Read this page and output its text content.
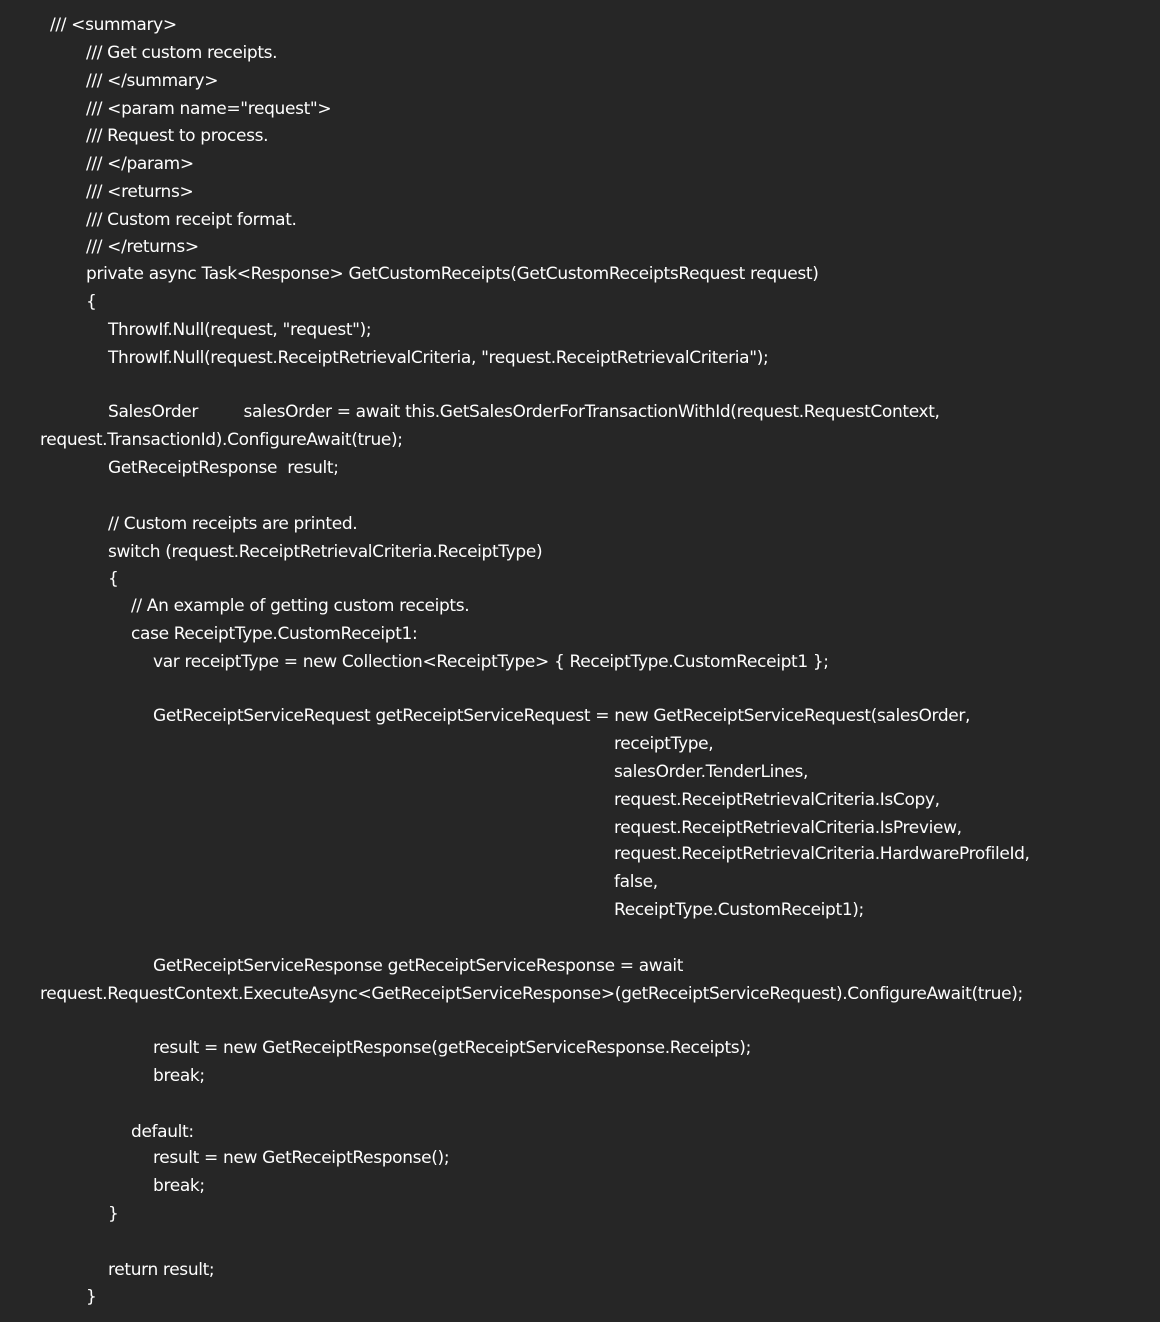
/// <summary>
/// Get custom receipts.
/// </summary>
/// <param name="request">
/// Request to process.
/// </param>
/// <returns>
/// Custom receipt format.
/// </returns>
private async Task<Response> GetCustomReceipts(GetCustomReceiptsRequest request)
{
ThrowIf.Null(request, "request");
ThrowIf.Null(request.ReceiptRetrievalCriteria, "request.ReceiptRetrievalCriteria");
SalesOrder         salesOrder = await this.GetSalesOrderForTransactionWithId(request.RequestContext,
request.TransactionId).ConfigureAwait(true);
GetReceiptResponse  result;
// Custom receipts are printed.
switch (request.ReceiptRetrievalCriteria.ReceiptType)
{
// An example of getting custom receipts.
case ReceiptType.CustomReceipt1:
var receiptType = new Collection<ReceiptType> { ReceiptType.CustomReceipt1 };
GetReceiptServiceRequest getReceiptServiceRequest = new GetReceiptServiceRequest(salesOrder,
receiptType,
salesOrder.TenderLines,
request.ReceiptRetrievalCriteria.IsCopy,
request.ReceiptRetrievalCriteria.IsPreview,
request.ReceiptRetrievalCriteria.HardwareProfileId,
false,
ReceiptType.CustomReceipt1);
GetReceiptServiceResponse getReceiptServiceResponse = await
request.RequestContext.ExecuteAsync<GetReceiptServiceResponse>(getReceiptServiceRequest).ConfigureAwait(true);
result = new GetReceiptResponse(getReceiptServiceResponse.Receipts);
break;
default:
result = new GetReceiptResponse();
break;
}
return result;
}
